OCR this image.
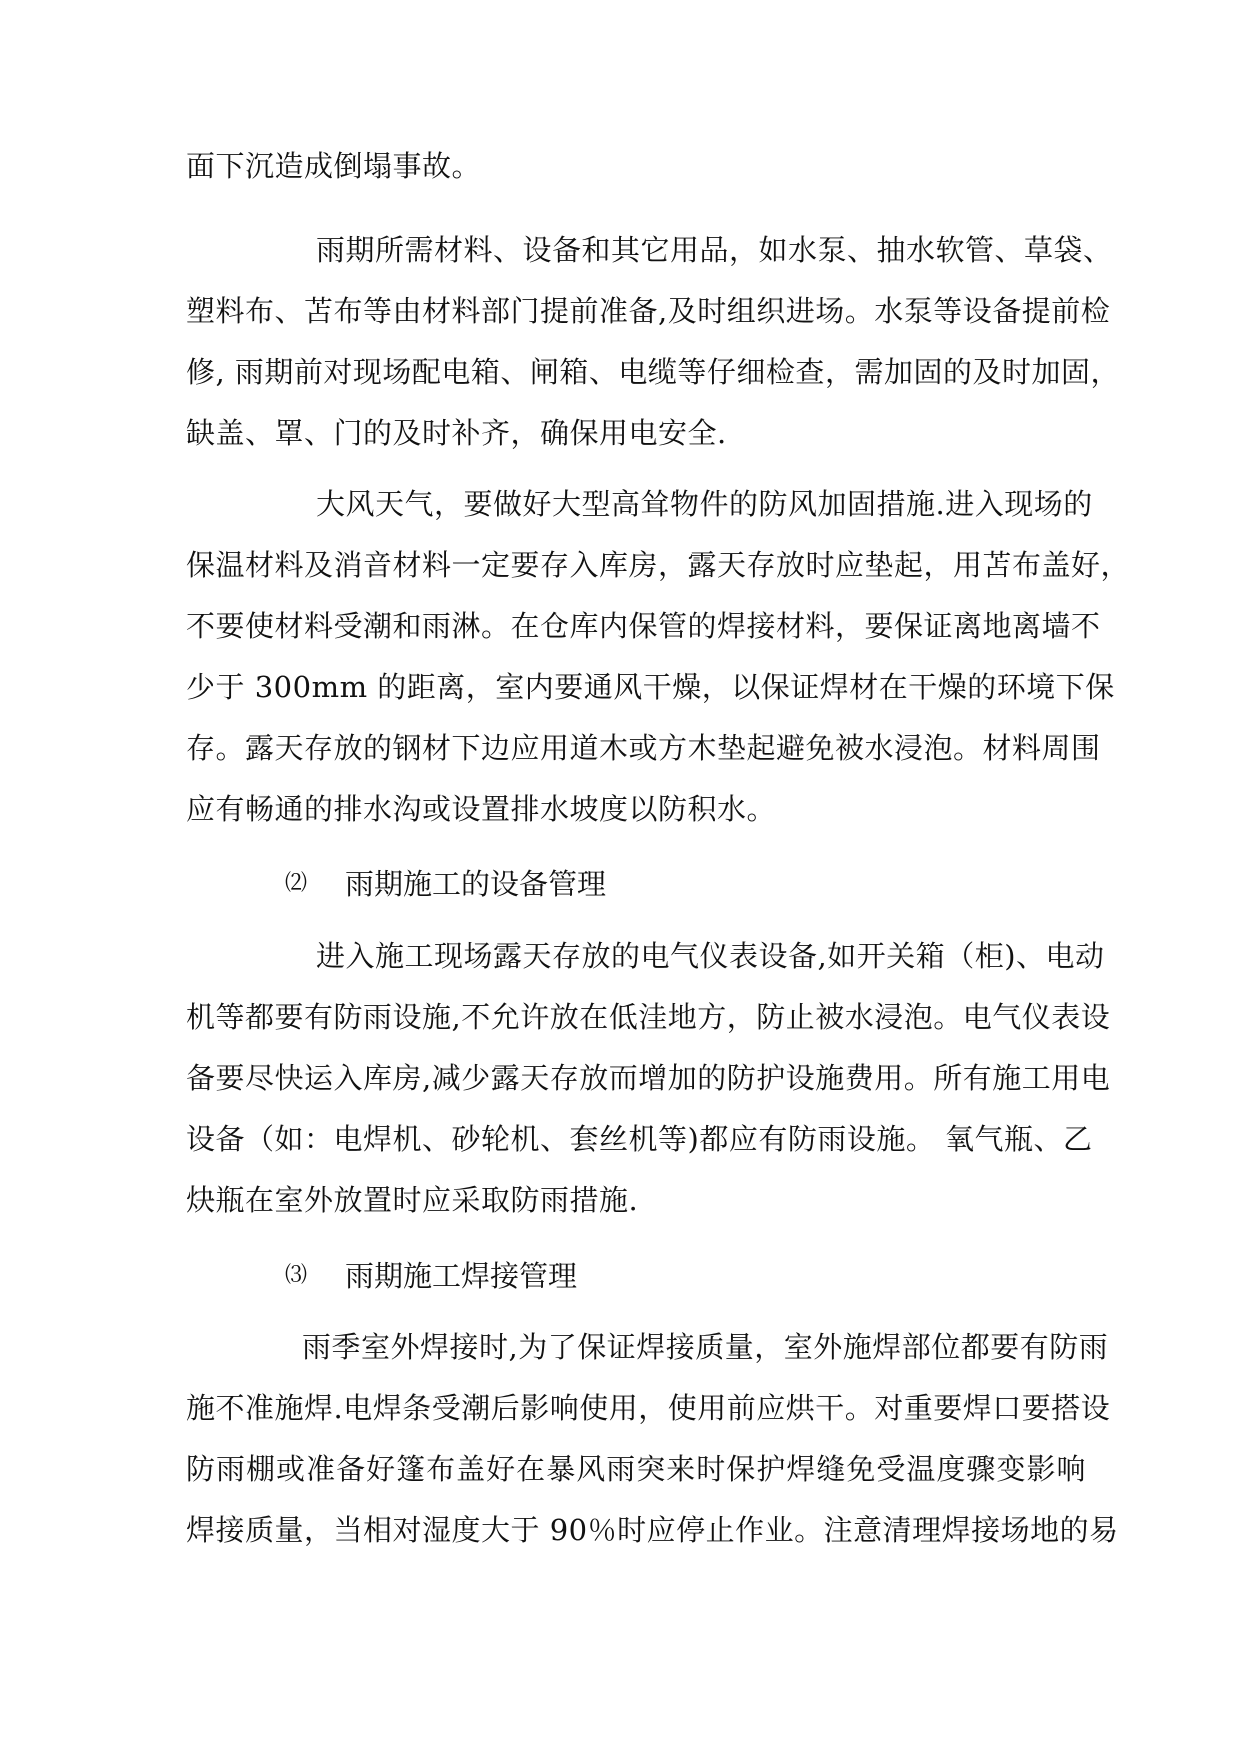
面下沉造成倒塌事故。
雨期所需材料、设备和其它用品，如水泵、抽水软管、草袋、
塑料布、苫布等由材料部门提前准备,及时组织进场。水泵等设备提前检
修, 雨期前对现场配电箱、闸箱、电缆等仔细检查，需加固的及时加固，
缺盖、罩、门的及时补齐，确保用电安全.
大风天气，要做好大型高耸物件的防风加固措施.进入现场的
保温材料及消音材料一定要存入库房，露天存放时应垫起，用苫布盖好，
不要使材料受潮和雨淋。在仓库内保管的焊接材料，要保证离地离墙不
少于 300mm 的距离，室内要通风干燥，以保证焊材在干燥的环境下保
存。露天存放的钢材下边应用道木或方木垫起避免被水浸泡。材料周围
应有畅通的排水沟或设置排水坡度以防积水。
⑵ 雨期施工的设备管理
进入施工现场露天存放的电气仪表设备,如开关箱（柜)、电动
机等都要有防雨设施,不允许放在低洼地方，防止被水浸泡。电气仪表设
备要尽快运入库房,减少露天存放而增加的防护设施费用。所有施工用电
设备（如：电焊机、砂轮机、套丝机等)都应有防雨设施。 氧气瓶、乙
炔瓶在室外放置时应采取防雨措施.
⑶ 雨期施工焊接管理
雨季室外焊接时,为了保证焊接质量，室外施焊部位都要有防雨
施不准施焊.电焊条受潮后影响使用，使用前应烘干。对重要焊口要搭设
防雨棚或准备好篷布盖好在暴风雨突来时保护焊缝免受温度骤变影响
焊接质量，当相对湿度大于 90％时应停止作业。注意清理焊接场地的易
